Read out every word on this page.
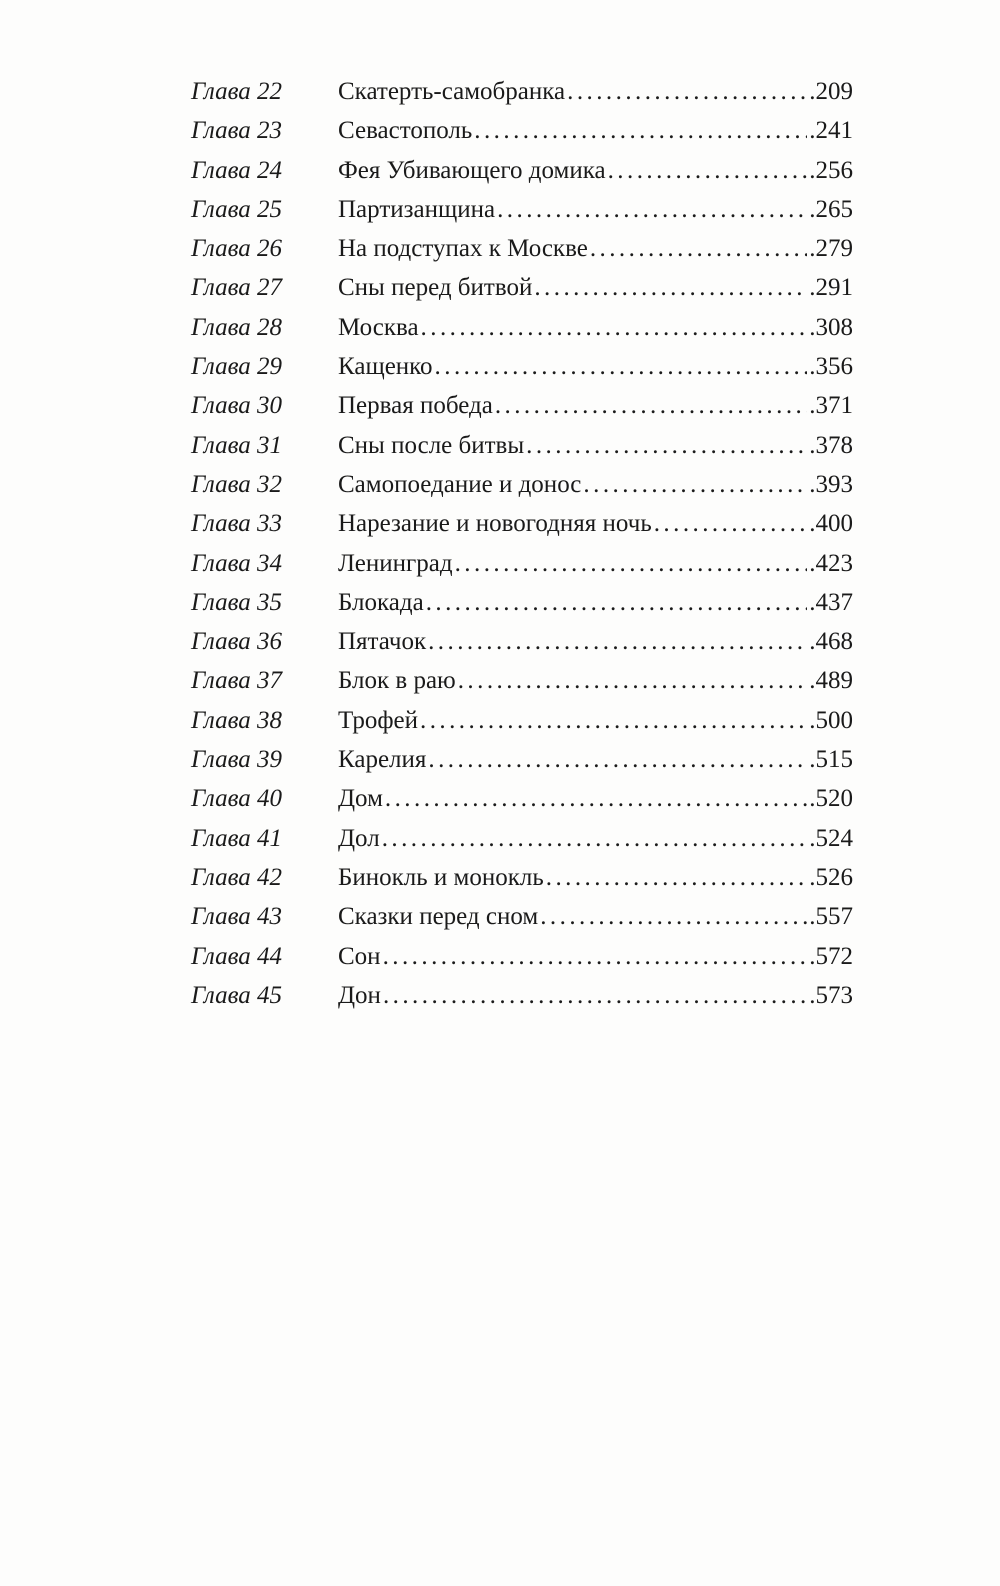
Глава 22	Скатерть-самобранка . . .	.209
Глава 23	Севастополь . . .	.241
Глава 24	Фея Убивающего домика . . .	.256
Глава 25	Партизанщина . . .	.265
Глава 26	На подступах к Москве . . .	.279
Глава 27	Сны перед битвой . . .	.291
Глава 28	Москва . . .	.308
Глава 29	Кащенко . . .	.356
Глава 30	Первая победа . . .	.371
Глава 31	Сны после битвы . . .	.378
Глава 32	Самопоедание и донос . . .	.393
Глава 33	Нарезание и новогодняя ночь . . .	.400
Глава 34	Ленинград . . .	.423
Глава 35	Блокада . . .	.437
Глава 36	Пятачок . . .	.468
Глава 37	Блок в раю . . .	.489
Глава 38	Трофей . . .	.500
Глава 39	Карелия . . .	.515
Глава 40	Дом . . .	.520
Глава 41	Дол . . .	.524
Глава 42	Бинокль и монокль . . .	.526
Глава 43	Сказки перед сном . . .	.557
Глава 44	Сон . . .	.572
Глава 45	Дон . . .	.573
